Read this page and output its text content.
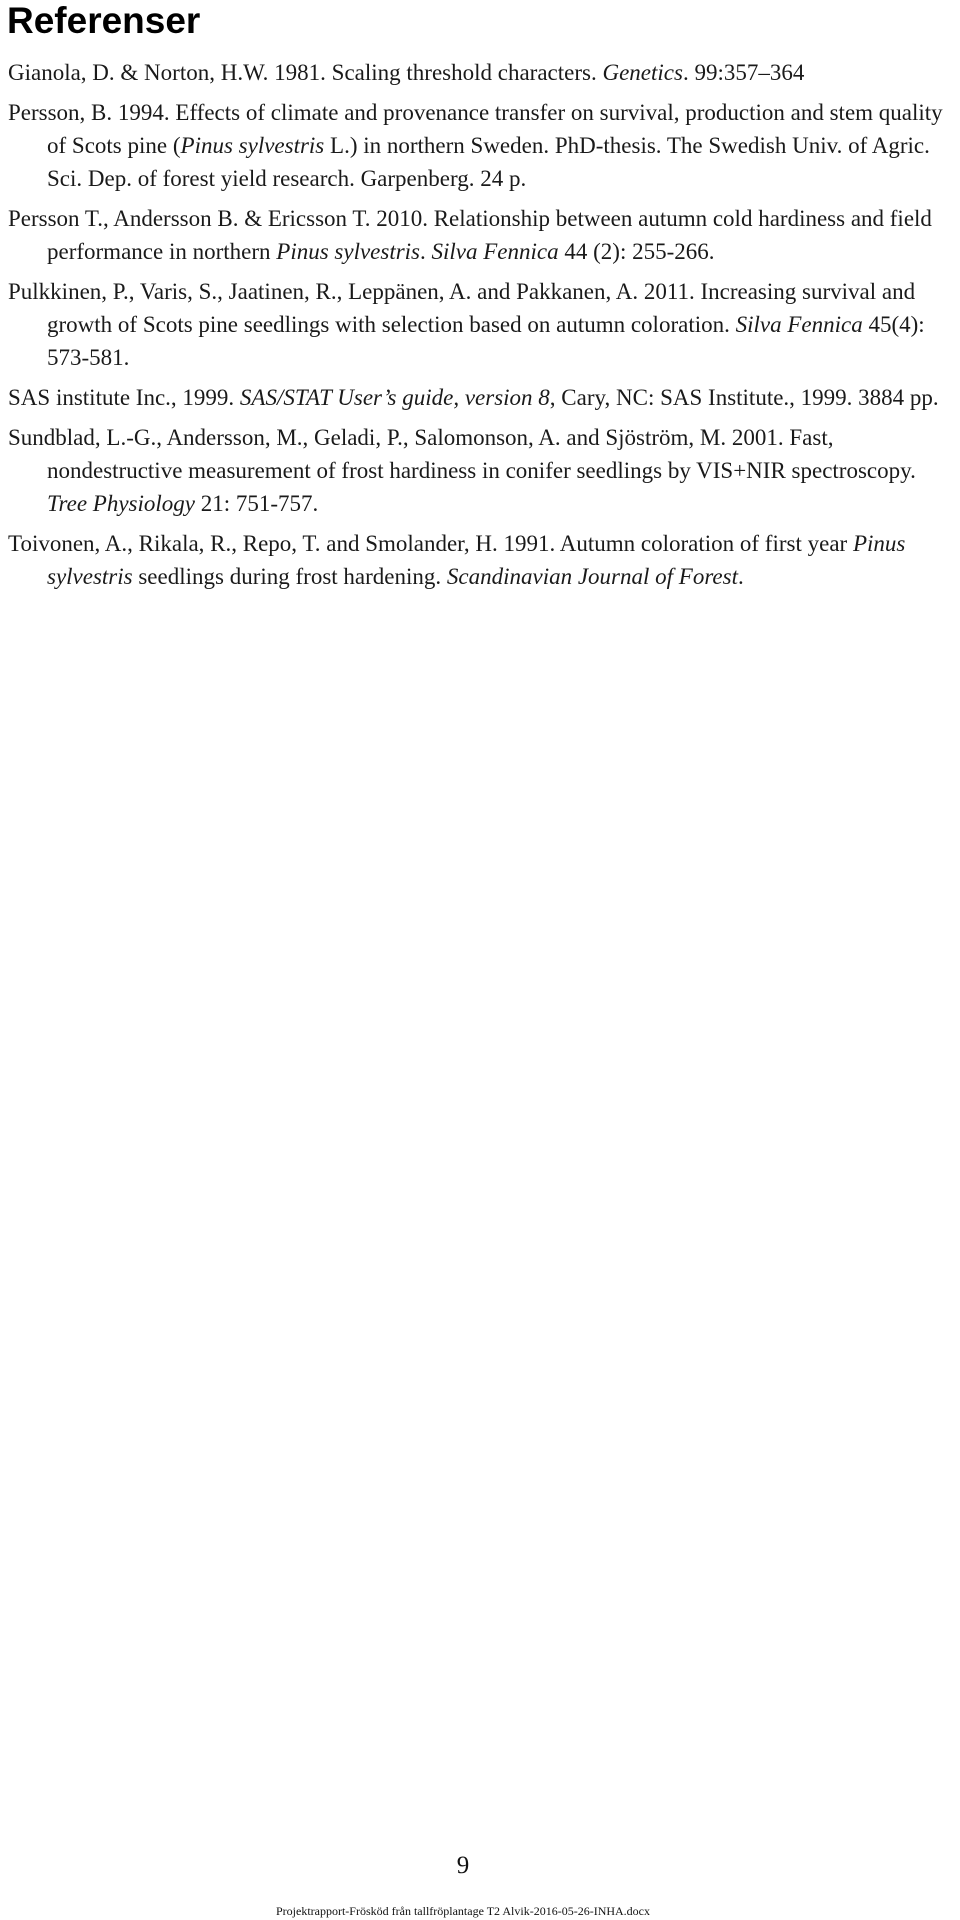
Referenser
Gianola, D. & Norton, H.W. 1981. Scaling threshold characters. Genetics. 99:357–364
Persson, B. 1994. Effects of climate and provenance transfer on survival, production and stem quality of Scots pine (Pinus sylvestris L.) in northern Sweden. PhD-thesis. The Swedish Univ. of Agric. Sci. Dep. of forest yield research. Garpenberg. 24 p.
Persson T., Andersson B. & Ericsson T. 2010. Relationship between autumn cold hardiness and field performance in northern Pinus sylvestris. Silva Fennica 44 (2): 255-266.
Pulkkinen, P., Varis, S., Jaatinen, R., Leppänen, A. and Pakkanen, A. 2011. Increasing survival and growth of Scots pine seedlings with selection based on autumn coloration. Silva Fennica 45(4): 573-581.
SAS institute Inc., 1999. SAS/STAT User’s guide, version 8, Cary, NC: SAS Institute., 1999. 3884 pp.
Sundblad, L.-G., Andersson, M., Geladi, P., Salomonson, A. and Sjöström, M. 2001. Fast, nondestructive measurement of frost hardiness in conifer seedlings by VIS+NIR spectroscopy. Tree Physiology 21: 751-757.
Toivonen, A., Rikala, R., Repo, T. and Smolander, H. 1991. Autumn coloration of first year Pinus sylvestris seedlings during frost hardening. Scandinavian Journal of Forest.
9
Projektrapport-Frösköd från tallfröplantage T2 Alvik-2016-05-26-INHA.docx
